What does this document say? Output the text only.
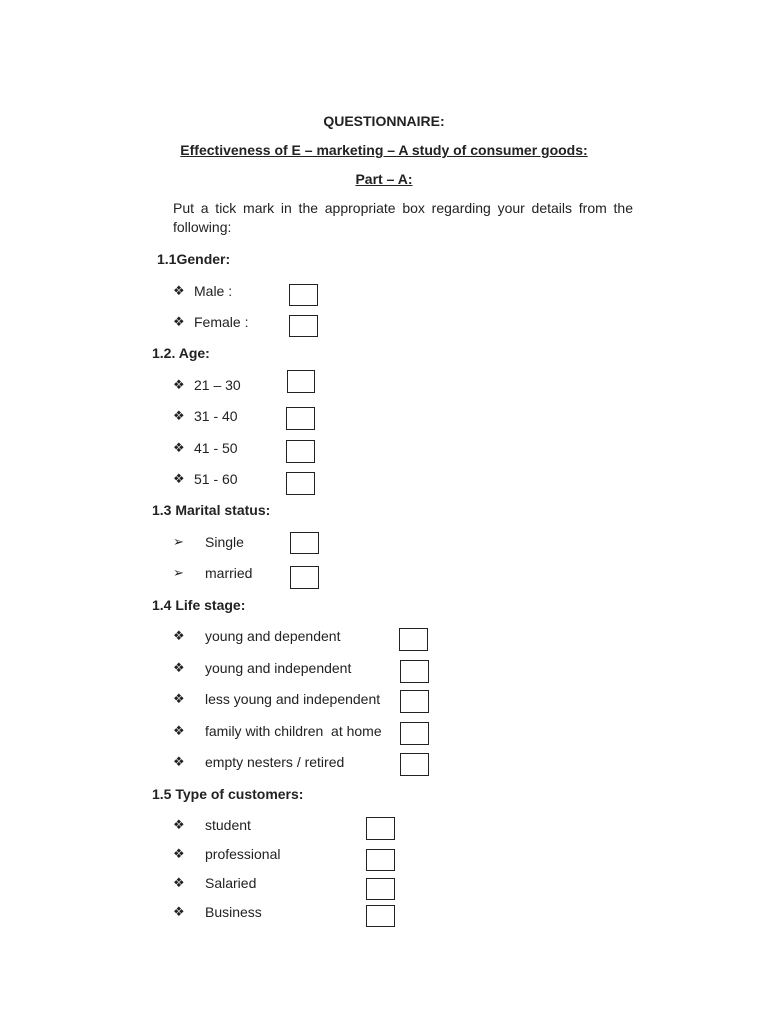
QUESTIONNAIRE:
Effectiveness of E – marketing – A study of consumer goods:
Part – A:
Put a tick mark in the appropriate box regarding your details from the following:
1.1Gender:
❖ Male :
❖ Female :
1.2. Age:
❖ 21 – 30
❖ 31 - 40
❖ 41 - 50
❖ 51 - 60
1.3 Marital status:
➢ Single
➢ married
1.4 Life stage:
❖ young and dependent
❖ young and independent
❖ less young and independent
❖ family with children  at home
❖ empty nesters / retired
1.5 Type of customers:
❖ student
❖ professional
❖ Salaried
❖ Business
